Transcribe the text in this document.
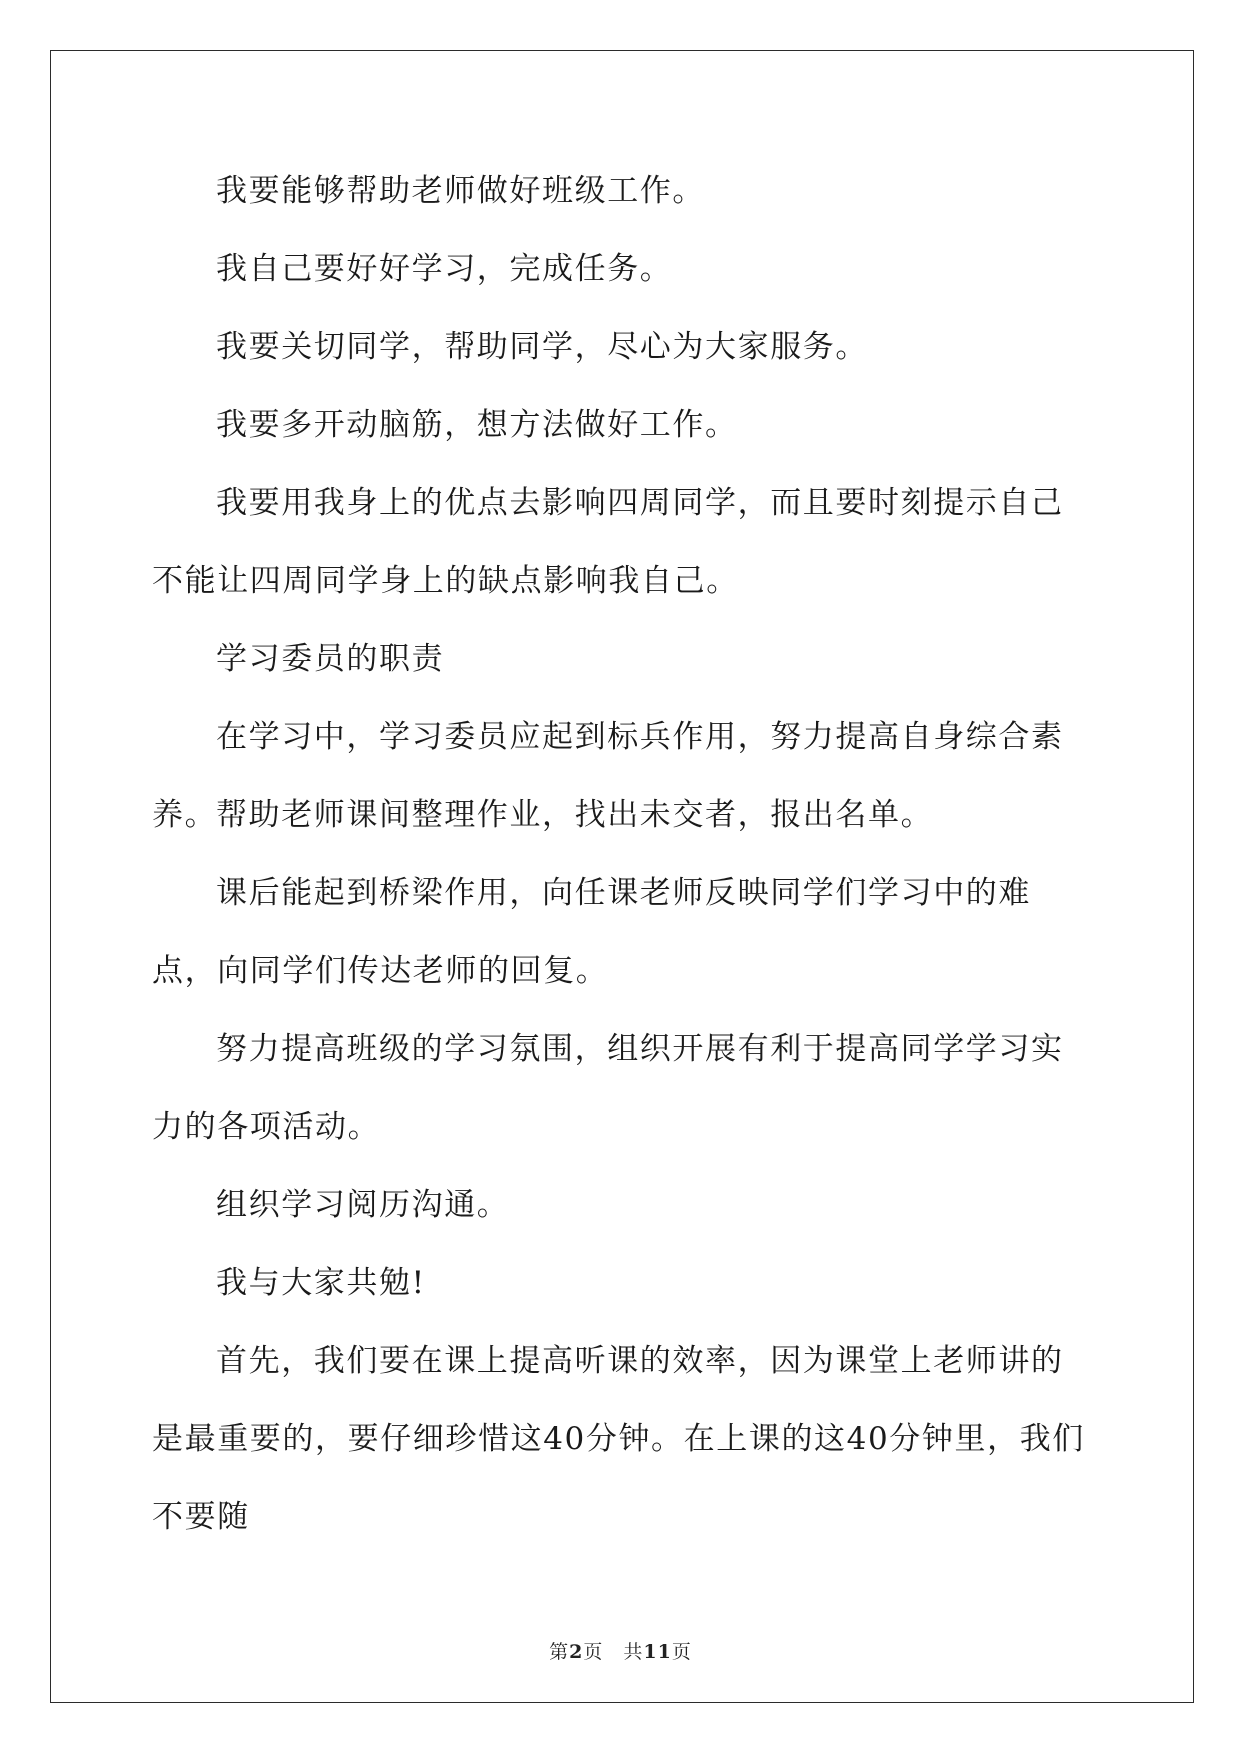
我要能够帮助老师做好班级工作。

我自己要好好学习，完成任务。

我要关切同学，帮助同学，尽心为大家服务。

我要多开动脑筋，想方法做好工作。

我要用我身上的优点去影响四周同学，而且要时刻提示自己不能让四周同学身上的缺点影响我自己。

学习委员的职责

在学习中，学习委员应起到标兵作用，努力提高自身综合素养。

帮助老师课间整理作业，找出未交者，报出名单。

课后能起到桥梁作用，向任课老师反映同学们学习中的难点，向同学们传达老师的回复。

努力提高班级的学习氛围，组织开展有利于提高同学学习实力的各项活动。

组织学习阅历沟通。

我与大家共勉!

首先，我们要在课上提高听课的效率，因为课堂上老师讲的是最重要的，要仔细珍惜这40分钟。在上课的这40分钟里，我们不要随

第2页 共11页
